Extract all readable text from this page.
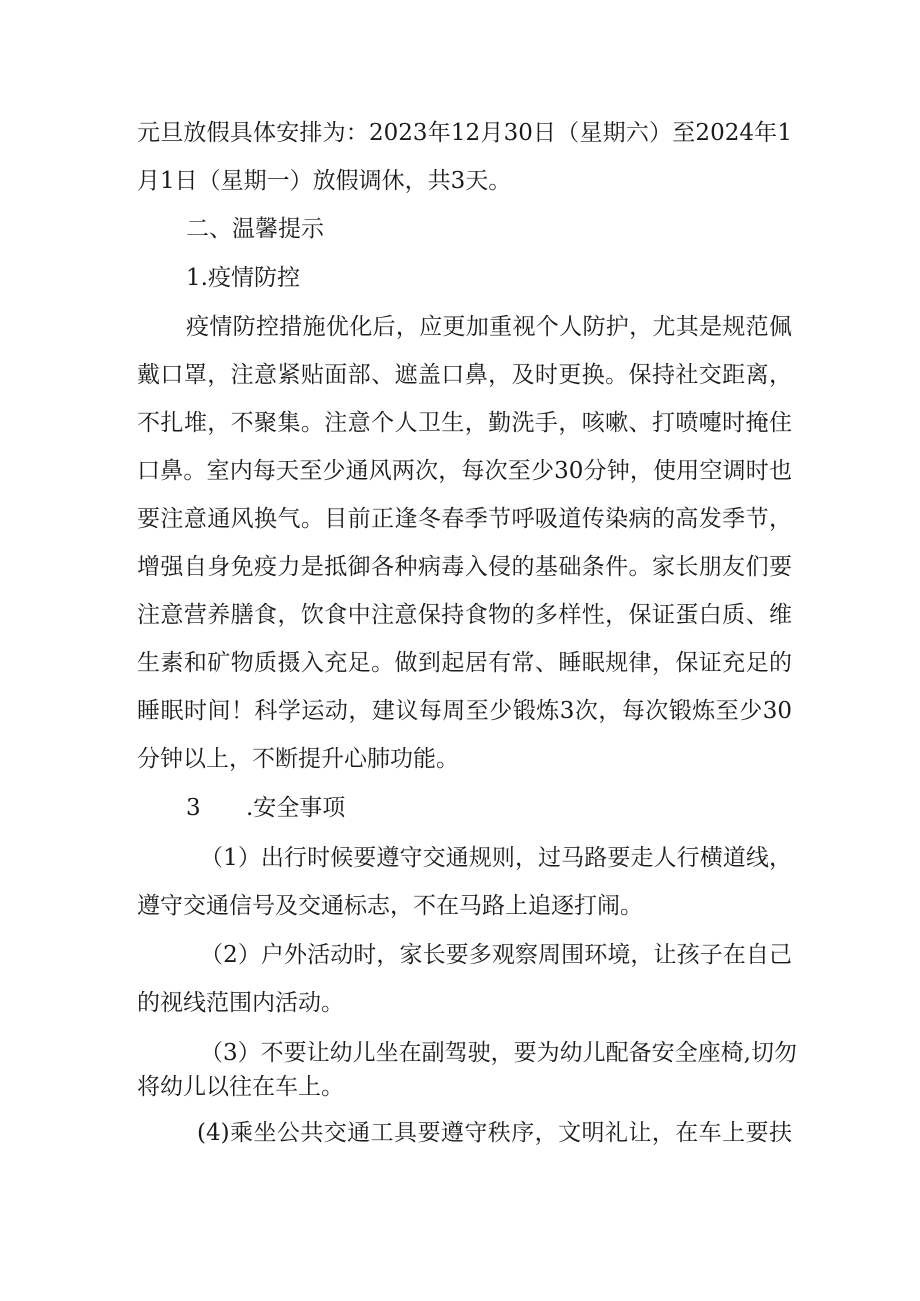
元旦放假具体安排为：2023年12月30日（星期六）至2024年1
月1日（星期一）放假调休，共3天。
二、温馨提示
1.疫情防控
疫情防控措施优化后，应更加重视个人防护，尤其是规范佩
戴口罩，注意紧贴面部、遮盖口鼻，及时更换。保持社交距离，
不扎堆，不聚集。注意个人卫生，勤洗手，咳嗽、打喷嚏时掩住
口鼻。室内每天至少通风两次，每次至少30分钟，使用空调时也
要注意通风换气。目前正逢冬春季节呼吸道传染病的高发季节，
增强自身免疫力是抵御各种病毒入侵的基础条件。家长朋友们要
注意营养膳食，饮食中注意保持食物的多样性，保证蛋白质、维
生素和矿物质摄入充足。做到起居有常、睡眠规律，保证充足的
睡眠时间！科学运动，建议每周至少锻炼3次，每次锻炼至少30
分钟以上，不断提升心肺功能。
3 .安全事项
（1）出行时候要遵守交通规则，过马路要走人行横道线，
遵守交通信号及交通标志，不在马路上追逐打闹。
（2）户外活动时，家长要多观察周围环境，让孩子在自己
的视线范围内活动。
（3）不要让幼儿坐在副驾驶，要为幼儿配备安全座椅,切勿
将幼儿以往在车上。
(4)乘坐公共交通工具要遵守秩序，文明礼让，在车上要扶
